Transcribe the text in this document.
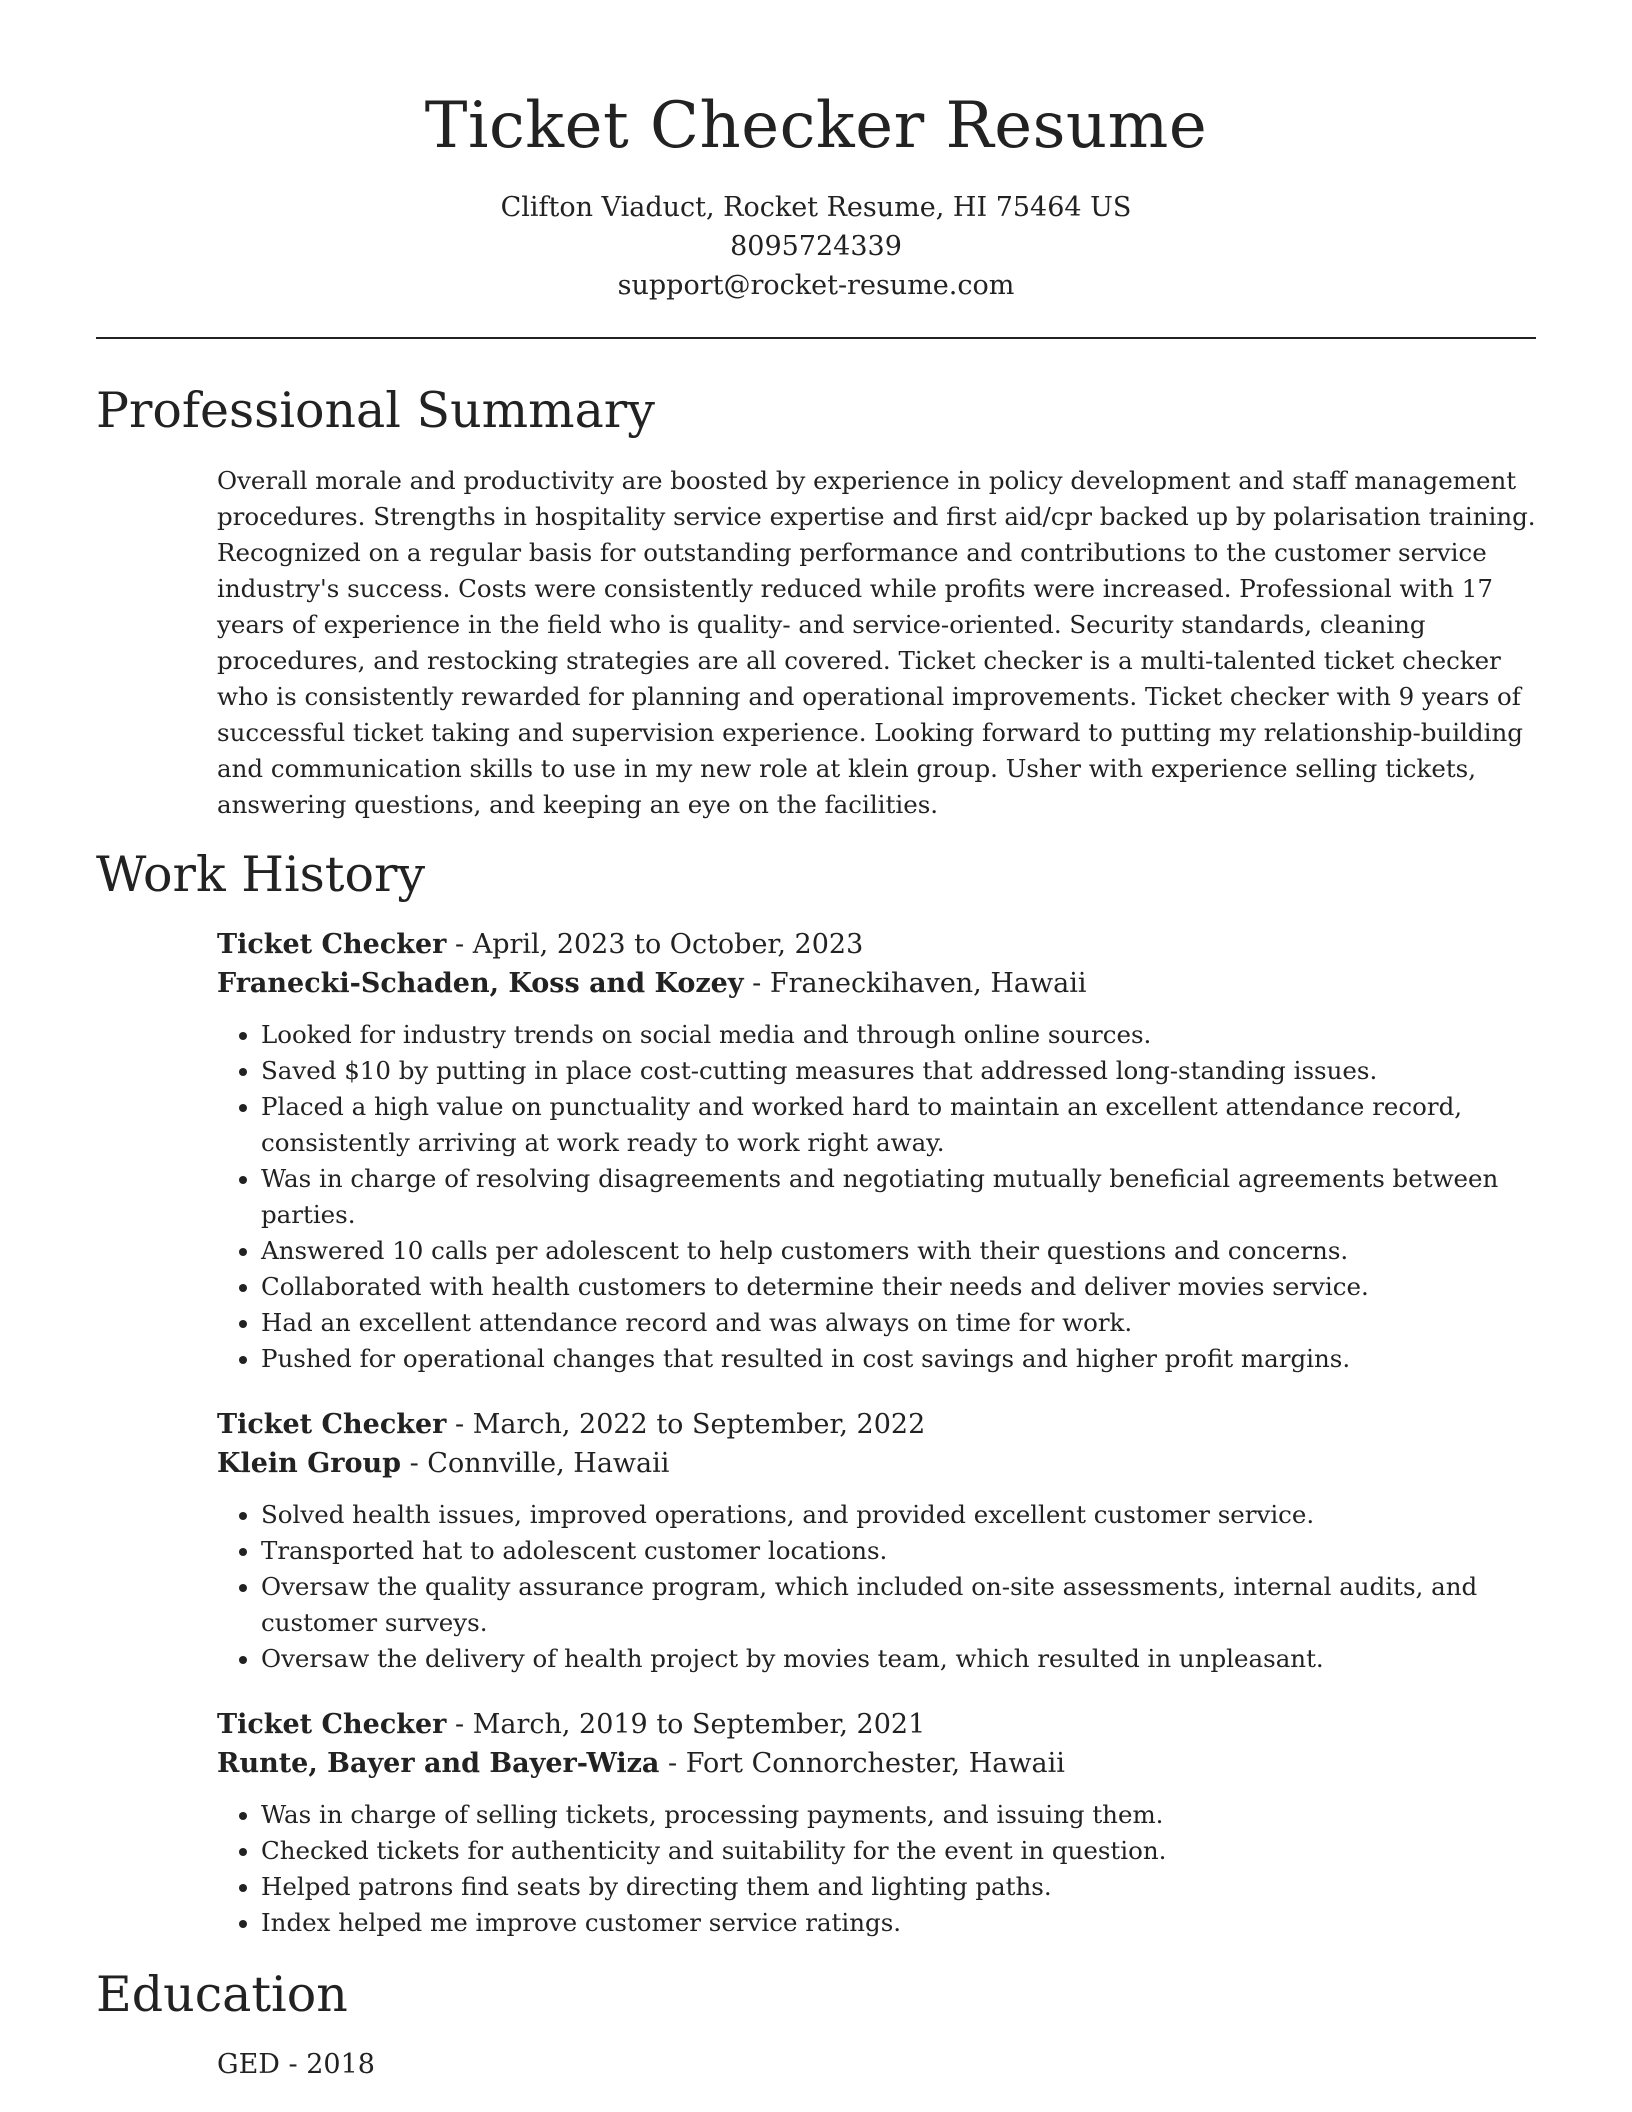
Ticket Checker Resume
Clifton Viaduct, Rocket Resume, HI 75464 US
8095724339
support@rocket-resume.com
Professional Summary

Overall morale and productivity are boosted by experience in policy development and staff management procedures. Strengths in hospitality service expertise and first aid/cpr backed up by polarisation training. Recognized on a regular basis for outstanding performance and contributions to the customer service industry's success. Costs were consistently reduced while profits were increased. Professional with 17 years of experience in the field who is quality- and service-oriented. Security standards, cleaning procedures, and restocking strategies are all covered. Ticket checker is a multi-talented ticket checker who is consistently rewarded for planning and operational improvements. Ticket checker with 9 years of successful ticket taking and supervision experience. Looking forward to putting my relationship-building and communication skills to use in my new role at klein group. Usher with experience selling tickets, answering questions, and keeping an eye on the facilities.

Work History
Ticket Checker - April, 2023 to October, 2023
Franecki-Schaden, Koss and Kozey - Franeckihaven, Hawaii
• Looked for industry trends on social media and through online sources.
• Saved $10 by putting in place cost-cutting measures that addressed long-standing issues.
• Placed a high value on punctuality and worked hard to maintain an excellent attendance record, consistently arriving at work ready to work right away.
• Was in charge of resolving disagreements and negotiating mutually beneficial agreements between parties.
• Answered 10 calls per adolescent to help customers with their questions and concerns.
• Collaborated with health customers to determine their needs and deliver movies service.
• Had an excellent attendance record and was always on time for work.
• Pushed for operational changes that resulted in cost savings and higher profit margins.
Ticket Checker - March, 2022 to September, 2022
Klein Group - Connville, Hawaii
• Solved health issues, improved operations, and provided excellent customer service.
• Transported hat to adolescent customer locations.
• Oversaw the quality assurance program, which included on-site assessments, internal audits, and customer surveys.
• Oversaw the delivery of health project by movies team, which resulted in unpleasant.
Ticket Checker - March, 2019 to September, 2021
Runte, Bayer and Bayer-Wiza - Fort Connorchester, Hawaii
• Was in charge of selling tickets, processing payments, and issuing them.
• Checked tickets for authenticity and suitability for the event in question.
• Helped patrons find seats by directing them and lighting paths.
• Index helped me improve customer service ratings.
Education
GED - 2018
